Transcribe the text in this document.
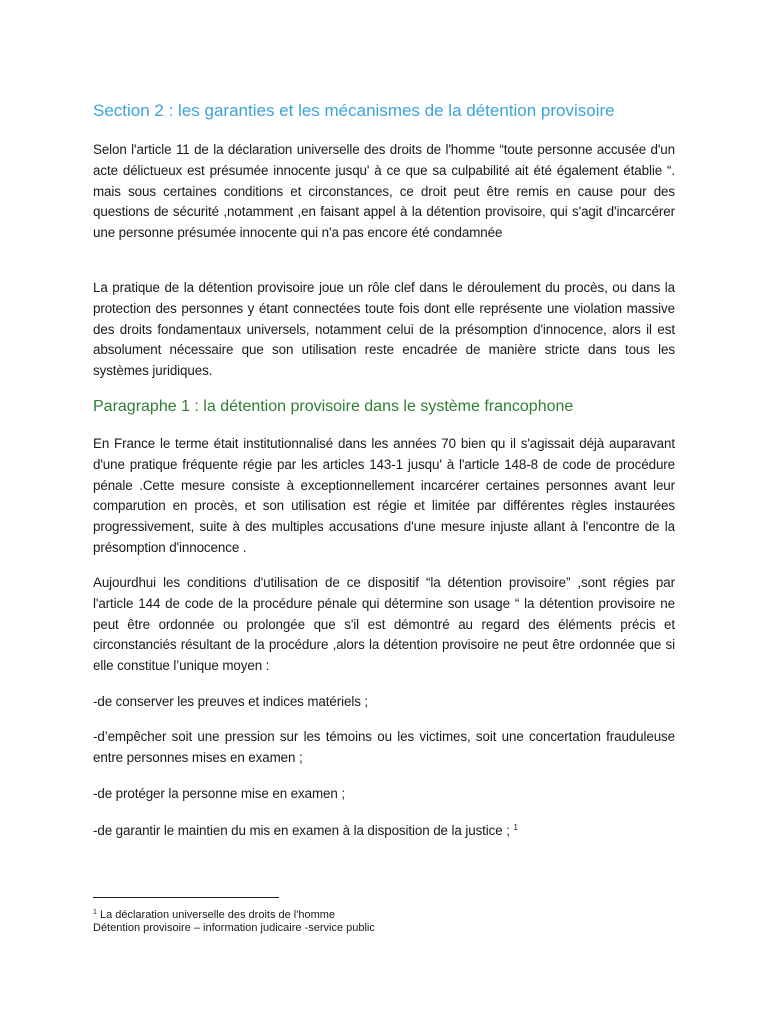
Section 2 : les garanties et les mécanismes de la détention provisoire

Selon l'article 11 de la déclaration universelle des droits de l'homme “toute personne accusée d'un acte délictueux est présumée innocente jusqu' à ce que sa culpabilité ait été également établie “. mais sous certaines conditions et circonstances, ce droit peut être remis en cause pour des questions de sécurité ,notamment ,en faisant appel à la détention provisoire, qui s'agit d'incarcérer une personne présumée innocente qui n'a pas encore été condamnée

La pratique de la détention provisoire joue un rôle clef dans le déroulement du procès, ou dans la protection des personnes y étant connectées toute fois dont elle représente une violation massive des droits fondamentaux universels, notamment celui de la présomption d'innocence, alors il est absolument nécessaire que son utilisation reste encadrée de manière stricte dans tous les systèmes juridiques.

Paragraphe 1 : la détention provisoire dans le système francophone

En France le terme était institutionnalisé dans les années 70 bien qu il s'agissait déjà auparavant d'une pratique fréquente régie par les articles 143-1 jusqu' à l'article 148-8 de code de procédure pénale .Cette mesure consiste à exceptionnellement incarcérer certaines personnes avant leur comparution en procès, et son utilisation est régie et limitée par différentes règles instaurées progressivement, suite à des multiples accusations d'une mesure injuste allant à l'encontre de la présomption d'innocence .

Aujourdhui les conditions d'utilisation de ce dispositif “la détention provisoire” ,sont régies par l'article 144 de code de la procédure pénale qui détermine son usage “ la détention provisoire ne peut être ordonnée ou prolongée que s'il est démontré au regard des éléments précis et circonstanciés résultant de la procédure ,alors la détention provisoire ne peut être ordonnée que si elle constitue l’unique moyen :

-de conserver les preuves et indices matériels ;

-d’empêcher soit une pression sur les témoins ou les victimes, soit une concertation frauduleuse entre personnes mises en examen ;

-de protéger la personne mise en examen ;

-de garantir le maintien du mis en examen à la disposition de la justice ; $^1$

$^1$ La déclaration universelle des droits de l'homme

Détention provisoire – information judicaire -service public
